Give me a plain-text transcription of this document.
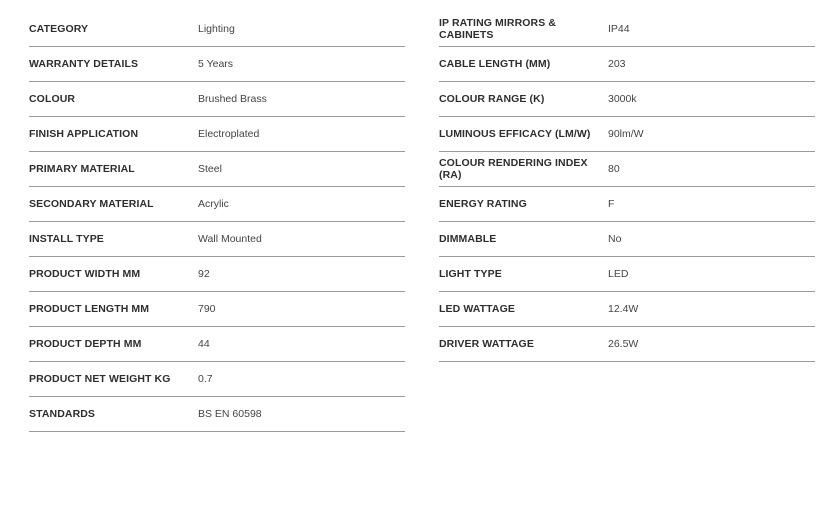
CATEGORY	Lighting
WARRANTY DETAILS	5 Years
COLOUR	Brushed Brass
FINISH APPLICATION	Electroplated
PRIMARY MATERIAL	Steel
SECONDARY MATERIAL	Acrylic
INSTALL TYPE	Wall Mounted
PRODUCT WIDTH MM	92
PRODUCT LENGTH MM	790
PRODUCT DEPTH MM	44
PRODUCT NET WEIGHT KG	0.7
STANDARDS	BS EN 60598
IP RATING MIRRORS & CABINETS	IP44
CABLE LENGTH (MM)	203
COLOUR RANGE (K)	3000k
LUMINOUS EFFICACY (LM/W)	90lm/W
COLOUR RENDERING INDEX (RA)	80
ENERGY RATING	F
DIMMABLE	No
LIGHT TYPE	LED
LED WATTAGE	12.4W
DRIVER WATTAGE	26.5W
